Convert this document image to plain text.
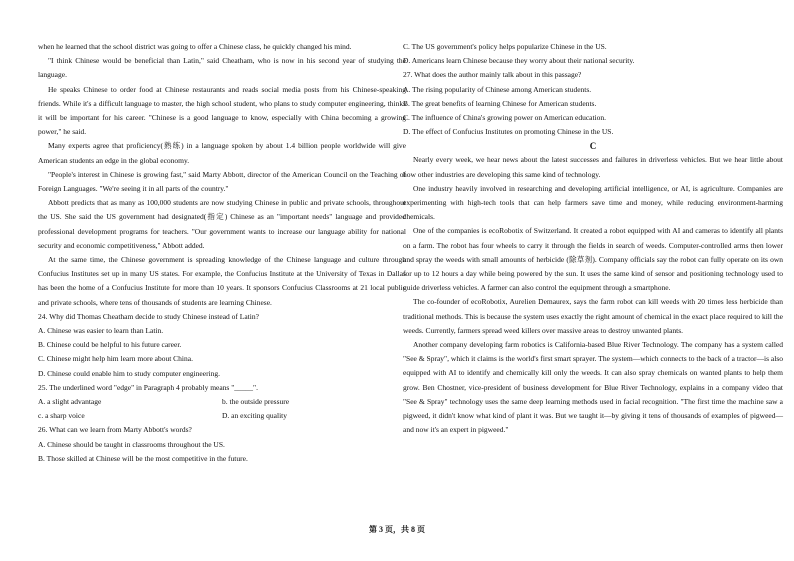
when he learned that the school district was going to offer a Chinese class, he quickly changed his mind.

"I think Chinese would be beneficial than Latin," said Cheatham, who is now in his second year of studying the language.

He speaks Chinese to order food at Chinese restaurants and reads social media posts from his Chinese-speaking friends. While it's a difficult language to master, the high school student, who plans to study computer engineering, thinks it will be important for his career. "Chinese is a good language to know, especially with China becoming a growing power," he said.

Many experts agree that proficiency(熟练) in a language spoken by about 1.4 billion people worldwide will give American students an edge in the global economy.

"People's interest in Chinese is growing fast," said Marty Abbott, director of the American Council on the Teaching of Foreign Languages. "We're seeing it in all parts of the country."

Abbott predicts that as many as 100,000 students are now studying Chinese in public and private schools, throughout the US. She said the US government had designated(指定) Chinese as an "important needs" language and provided professional development programs for teachers. "Our government wants to increase our language ability for national security and economic competitiveness," Abbott added.

At the same time, the Chinese government is spreading knowledge of the Chinese language and culture through Confucius Institutes set up in many US states. For example, the Confucius Institute at the University of Texas in Dallas has been the home of a Confucius Institute for more than 10 years. It sponsors Confucius Classrooms at 21 local public and private schools, where tens of thousands of students are learning Chinese.

24. Why did Thomas Cheatham decide to study Chinese instead of Latin?

A. Chinese was easier to learn than Latin.

B. Chinese could be helpful to his future career.

C. Chinese might help him learn more about China.

D. Chinese could enable him to study computer engineering.

25. The underlined word "edge" in Paragraph 4 probably means "_____".

A. a slight advantage	b. the outside pressure

c. a sharp voice	D. an exciting quality

26. What can we learn from Marty Abbott's words?

A. Chinese should be taught in classrooms throughout the US.

B. Those skilled at Chinese will be the most competitive in the future.

C. The US government's policy helps popularize Chinese in the US.

D. Americans learn Chinese because they worry about their national security.

27. What does the author mainly talk about in this passage?

A. The rising popularity of Chinese among American students.

B. The great benefits of learning Chinese for American students.

C. The influence of China's growing power on American education.

D. The effect of Confucius Institutes on promoting Chinese in the US.

C

Nearly every week, we hear news about the latest successes and failures in driverless vehicles. But we hear little about how other industries are developing this same kind of technology.

One industry heavily involved in researching and developing artificial intelligence, or AI, is agriculture. Companies are experimenting with high-tech tools that can help farmers save time and money, while reducing environment-harming chemicals.

One of the companies is ecoRobotix of Switzerland. It created a robot equipped with AI and cameras to identify all plants on a farm. The robot has four wheels to carry it through the fields in search of weeds. Computer-controlled arms then lower and spray the weeds with small amounts of herbicide (除草剂). Company officials say the robot can fully operate on its own for up to 12 hours a day while being powered by the sun. It uses the same kind of sensor and positioning technology used to guide driverless vehicles. A farmer can also control the equipment through a smartphone.

The co-founder of ecoRobotix, Aurelien Demaurex, says the farm robot can kill weeds with 20 times less herbicide than traditional methods. This is because the system uses exactly the right amount of chemical in the exact place required to kill the weeds. Currently, farmers spread weed killers over massive areas to destroy unwanted plants.

Another company developing farm robotics is California-based Blue River Technology. The company has a system called "See & Spray", which it claims is the world's first smart sprayer. The system—which connects to the back of a tractor—is also equipped with AI to identify and chemically kill only the weeds. It can also spray chemicals on wanted plants to help them grow. Ben Chostner, vice-president of business development for Blue River Technology, explains in a company video that "See & Spray" technology uses the same deep learning methods used in facial recognition. "The first time the machine saw a pigweed, it didn't know what kind of plant it was. But we taught it—by giving it tens of thousands of examples of pigweed—and now it's an expert in pigweed."

第 3 页，共 8 页
